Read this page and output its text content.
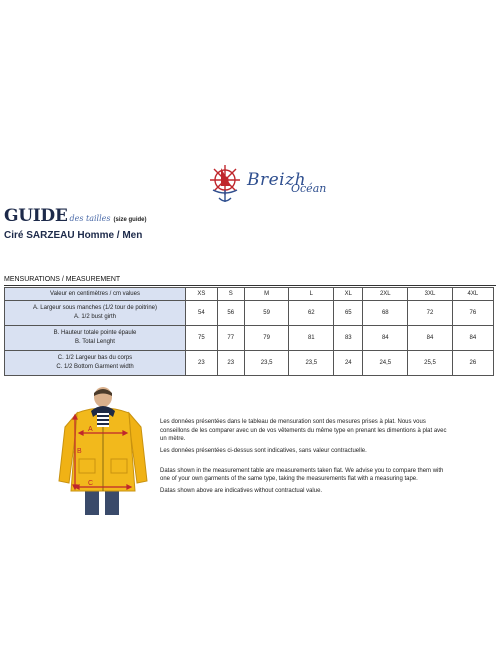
Breizh
Océan
GUIDE des tailles (size guide)
Ciré SARZEAU Homme / Men
MENSURATIONS / MEASUREMENT
Valeur en centimètres / cm values	XS	S	M	L	XL	2XL	3XL	4XL
A. Largeur sous manches (1/2 tour de poitrine)
A. 1/2 bust girth	54	56	59	62	65	68	72	76
B. Hauteur totale pointe épaule
B. Total Lenght	75	77	79	81	83	84	84	84
C. 1/2 Largeur bas du corps
C. 1/2 Bottom Garment width	23	23	23,5	23,5	24	24,5	25,5	26
A
B
C

Les données présentées dans le tableau de mensuration sont des mesures prises à plat. Nous vous conseillons de les comparer avec un de vos vêtements du même type en prenant les dimentions à plat avec un mètre.

Les données présentées ci-dessus sont indicatives, sans valeur contractuelle.

Datas shown in the measurement table are measurements taken flat. We advise you to compare them with one of your own garments of the same type, taking the measurements flat with a measuring tape.

Datas shown above are indicatives without contractual value.
